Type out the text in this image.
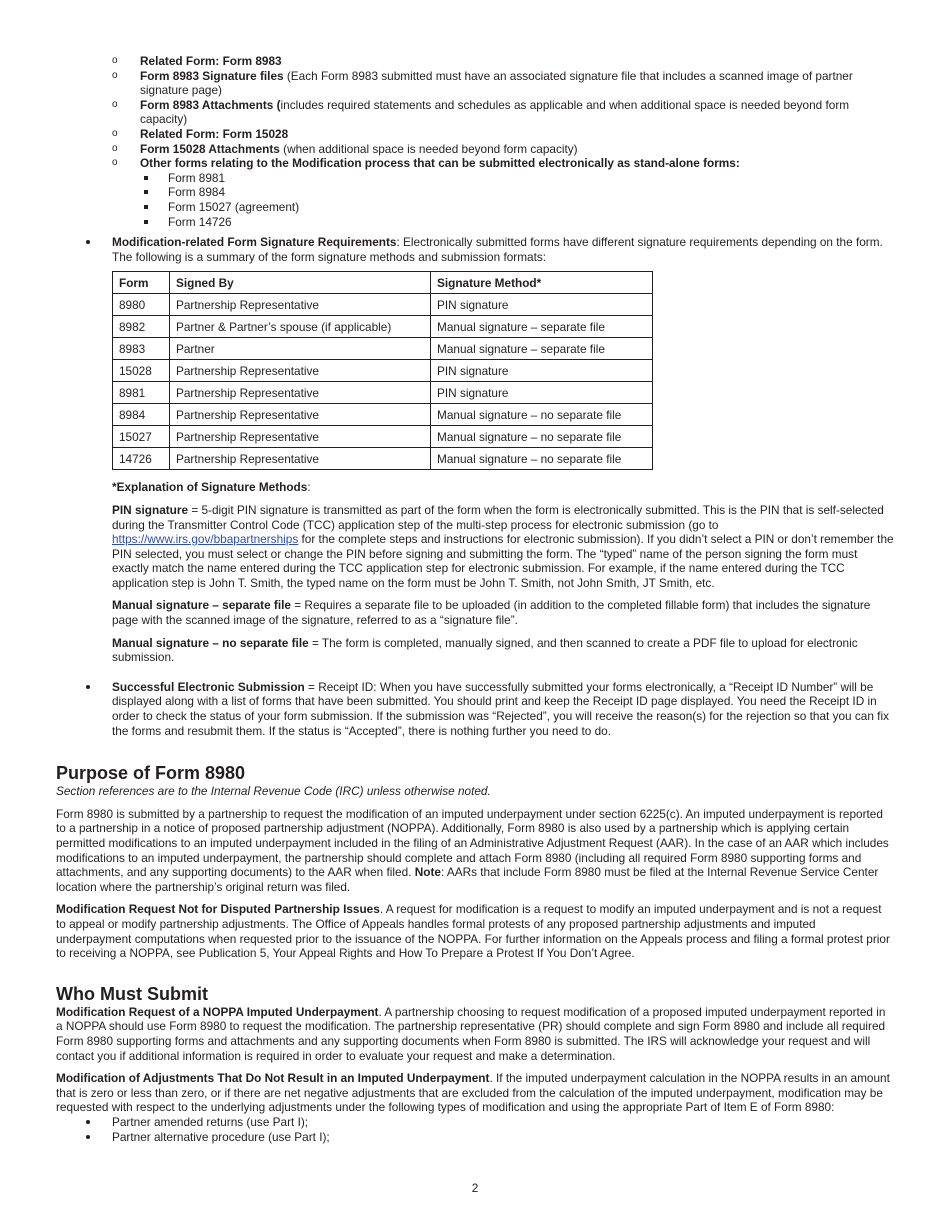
o Related Form: Form 8983
o Form 8983 Signature files (Each Form 8983 submitted must have an associated signature file that includes a scanned image of partner signature page)
o Form 8983 Attachments (includes required statements and schedules as applicable and when additional space is needed beyond form capacity)
o Related Form: Form 15028
o Form 15028 Attachments (when additional space is needed beyond form capacity)
o Other forms relating to the Modification process that can be submitted electronically as stand-alone forms:
Form 8981
Form 8984
Form 15027 (agreement)
Form 14726
Modification-related Form Signature Requirements: Electronically submitted forms have different signature requirements depending on the form. The following is a summary of the form signature methods and submission formats:
Form	Signed By	Signature Method*
8980	Partnership Representative	PIN signature
8982	Partner & Partner’s spouse (if applicable)	Manual signature – separate file
8983	Partner	Manual signature – separate file
15028	Partnership Representative	PIN signature
8981	Partnership Representative	PIN signature
8984	Partnership Representative	Manual signature – no separate file
15027	Partnership Representative	Manual signature – no separate file
14726	Partnership Representative	Manual signature – no separate file

*Explanation of Signature Methods:

PIN signature = 5-digit PIN signature is transmitted as part of the form when the form is electronically submitted. This is the PIN that is self-selected during the Transmitter Control Code (TCC) application step of the multi-step process for electronic submission (go to https://www.irs.gov/bbapartnerships for the complete steps and instructions for electronic submission). If you didn’t select a PIN or don’t remember the PIN selected, you must select or change the PIN before signing and submitting the form. The “typed” name of the person signing the form must exactly match the name entered during the TCC application step for electronic submission. For example, if the name entered during the TCC application step is John T. Smith, the typed name on the form must be John T. Smith, not John Smith, JT Smith, etc.

Manual signature – separate file = Requires a separate file to be uploaded (in addition to the completed fillable form) that includes the signature page with the scanned image of the signature, referred to as a “signature file”.

Manual signature – no separate file = The form is completed, manually signed, and then scanned to create a PDF file to upload for electronic submission.

Successful Electronic Submission = Receipt ID: When you have successfully submitted your forms electronically, a “Receipt ID Number” will be displayed along with a list of forms that have been submitted. You should print and keep the Receipt ID page displayed. You need the Receipt ID in order to check the status of your form submission. If the submission was “Rejected”, you will receive the reason(s) for the rejection so that you can fix the forms and resubmit them. If the status is “Accepted”, there is nothing further you need to do.
Purpose of Form 8980

Section references are to the Internal Revenue Code (IRC) unless otherwise noted.

Form 8980 is submitted by a partnership to request the modification of an imputed underpayment under section 6225(c). An imputed underpayment is reported to a partnership in a notice of proposed partnership adjustment (NOPPA). Additionally, Form 8980 is also used by a partnership which is applying certain permitted modifications to an imputed underpayment included in the filing of an Administrative Adjustment Request (AAR). In the case of an AAR which includes modifications to an imputed underpayment, the partnership should complete and attach Form 8980 (including all required Form 8980 supporting forms and attachments, and any supporting documents) to the AAR when filed. Note: AARs that include Form 8980 must be filed at the Internal Revenue Service Center location where the partnership’s original return was filed.

Modification Request Not for Disputed Partnership Issues. A request for modification is a request to modify an imputed underpayment and is not a request to appeal or modify partnership adjustments. The Office of Appeals handles formal protests of any proposed partnership adjustments and imputed underpayment computations when requested prior to the issuance of the NOPPA. For further information on the Appeals process and filing a formal protest prior to receiving a NOPPA, see Publication 5, Your Appeal Rights and How To Prepare a Protest If You Don’t Agree.

Who Must Submit

Modification Request of a NOPPA Imputed Underpayment. A partnership choosing to request modification of a proposed imputed underpayment reported in a NOPPA should use Form 8980 to request the modification. The partnership representative (PR) should complete and sign Form 8980 and include all required Form 8980 supporting forms and attachments and any supporting documents when Form 8980 is submitted. The IRS will acknowledge your request and will contact you if additional information is required in order to evaluate your request and make a determination.

Modification of Adjustments That Do Not Result in an Imputed Underpayment. If the imputed underpayment calculation in the NOPPA results in an amount that is zero or less than zero, or if there are net negative adjustments that are excluded from the calculation of the imputed underpayment, modification may be requested with respect to the underlying adjustments under the following types of modification and using the appropriate Part of Item E of Form 8980:

Partner amended returns (use Part I);
Partner alternative procedure (use Part I);
2
